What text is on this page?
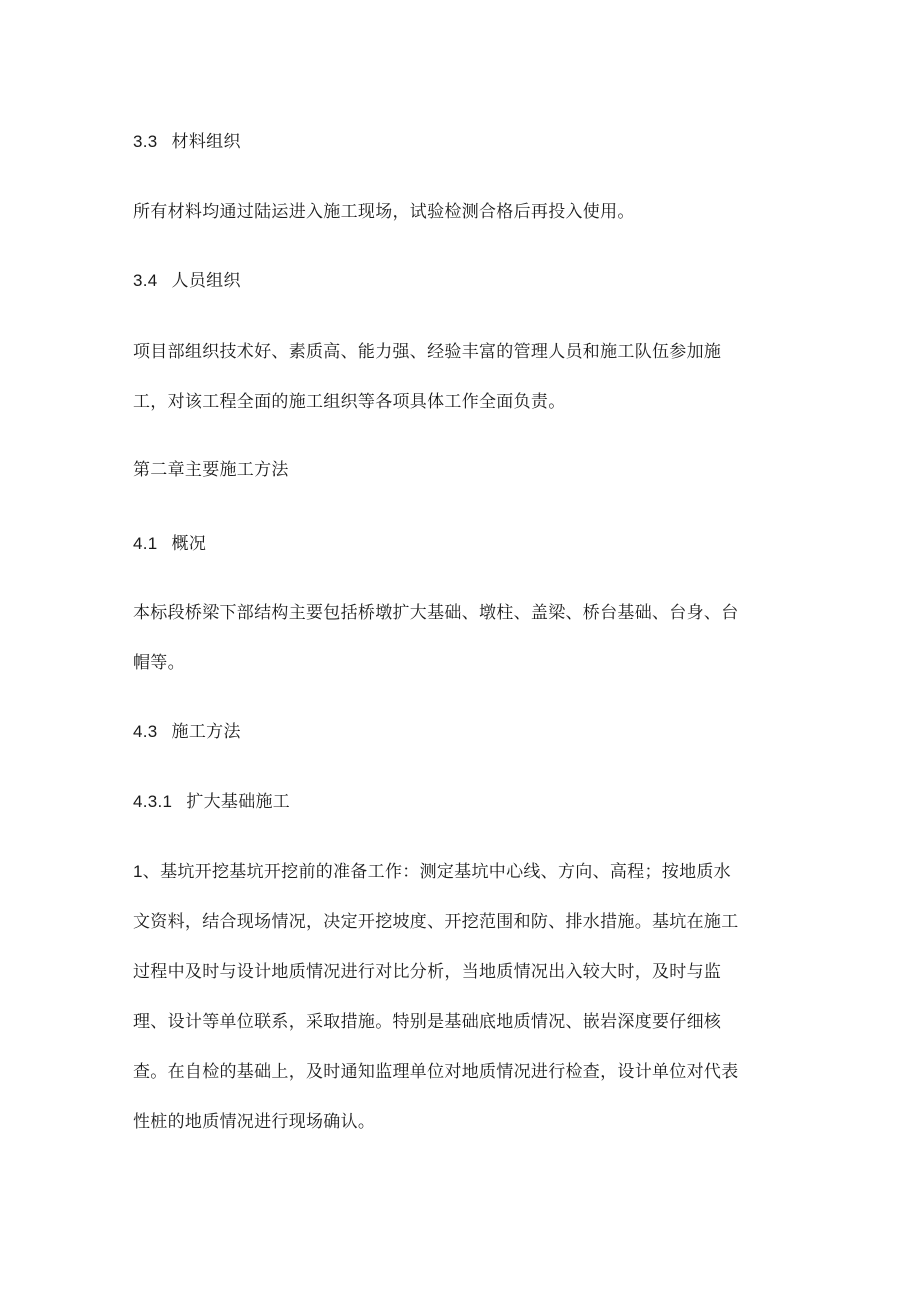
3.3 材料组织
所有材料均通过陆运进入施工现场，试验检测合格后再投入使用。
3.4 人员组织
项目部组织技术好、素质高、能力强、经验丰富的管理人员和施工队伍参加施
工，对该工程全面的施工组织等各项具体工作全面负责。
第二章主要施工方法
4.1 概况
本标段桥梁下部结构主要包括桥墩扩大基础、墩柱、盖梁、桥台基础、台身、台
帽等。
4.3 施工方法
4.3.1 扩大基础施工
1、基坑开挖基坑开挖前的准备工作：测定基坑中心线、方向、高程；按地质水
文资料，结合现场情况，决定开挖坡度、开挖范围和防、排水措施。基坑在施工
过程中及时与设计地质情况进行对比分析，当地质情况出入较大时，及时与监
理、设计等单位联系，采取措施。特别是基础底地质情况、嵌岩深度要仔细核
查。在自检的基础上，及时通知监理单位对地质情况进行检查，设计单位对代表
性桩的地质情况进行现场确认。
